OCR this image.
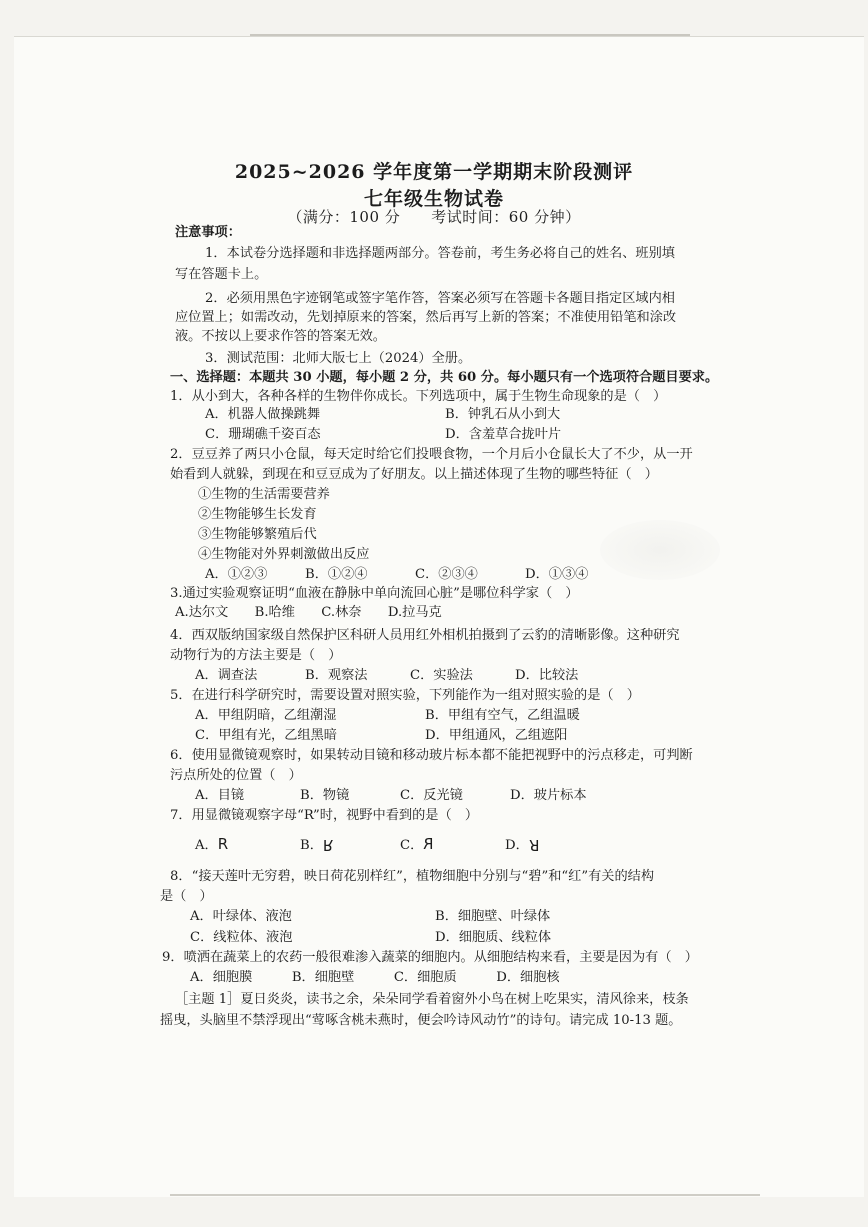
2025~2026 学年度第一学期期末阶段测评
七年级生物试卷
（满分：100 分　　考试时间：60 分钟）
注意事项：
1．本试卷分选择题和非选择题两部分。答卷前，考生务必将自己的姓名、班别填
写在答题卡上。
2．必须用黑色字迹钢笔或签字笔作答，答案必须写在答题卡各题目指定区域内相
应位置上；如需改动，先划掉原来的答案，然后再写上新的答案；不准使用铅笔和涂改
液。不按以上要求作答的答案无效。
3．测试范围：北师大版七上（2024）全册。
一、选择题：本题共 30 小题，每小题 2 分，共 60 分。每小题只有一个选项符合题目要求。
1．从小到大，各种各样的生物伴你成长。下列选项中，属于生物生命现象的是（　）
A．机器人做操跳舞	B．钟乳石从小到大
C．珊瑚礁千姿百态	D．含羞草合拢叶片
2．豆豆养了两只小仓鼠，每天定时给它们投喂食物，一个月后小仓鼠长大了不少，从一开
始看到人就躲，到现在和豆豆成为了好朋友。以上描述体现了生物的哪些特征（　）
①生物的生活需要营养
②生物能够生长发育
③生物能够繁殖后代
④生物能对外界刺激做出反应
A．①②③	B．①②④	C．②③④	D．①③④
3.通过实验观察证明“血液在静脉中单向流回心脏”是哪位科学家（　）
A.达尔文　　B.哈维　　C.林奈　　D.拉马克
4．西双版纳国家级自然保护区科研人员用红外相机拍摄到了云豹的清晰影像。这种研究
动物行为的方法主要是（　）
A．调查法	B．观察法	C．实验法	D．比较法
5．在进行科学研究时，需要设置对照实验，下列能作为一组对照实验的是（　）
A．甲组阴暗，乙组潮湿	B．甲组有空气，乙组温暖
C．甲组有光，乙组黑暗	D．甲组通风，乙组遮阳
6．使用显微镜观察时，如果转动目镜和移动玻片标本都不能把视野中的污点移走，可判断
污点所处的位置（　）
A．目镜	B．物镜	C．反光镜	D．玻片标本
7．用显微镜观察字母“R”时，视野中看到的是（　）
A．R	B．R	C．R	D．R
8．“接天莲叶无穷碧，映日荷花别样红”，植物细胞中分别与“碧”和“红”有关的结构
是（　）
A．叶绿体、液泡	B．细胞壁、叶绿体
C．线粒体、液泡	D．细胞质、线粒体
9．喷洒在蔬菜上的农药一般很难渗入蔬菜的细胞内。从细胞结构来看，主要是因为有（　）
A．细胞膜　　　B．细胞壁　　　C．细胞质　　　D．细胞核
［主题 1］夏日炎炎，读书之余，朵朵同学看着窗外小鸟在树上吃果实，清风徐来，枝条
摇曳，头脑里不禁浮现出“莺啄含桃未燕时，便会吟诗风动竹”的诗句。请完成 10-13 题。
